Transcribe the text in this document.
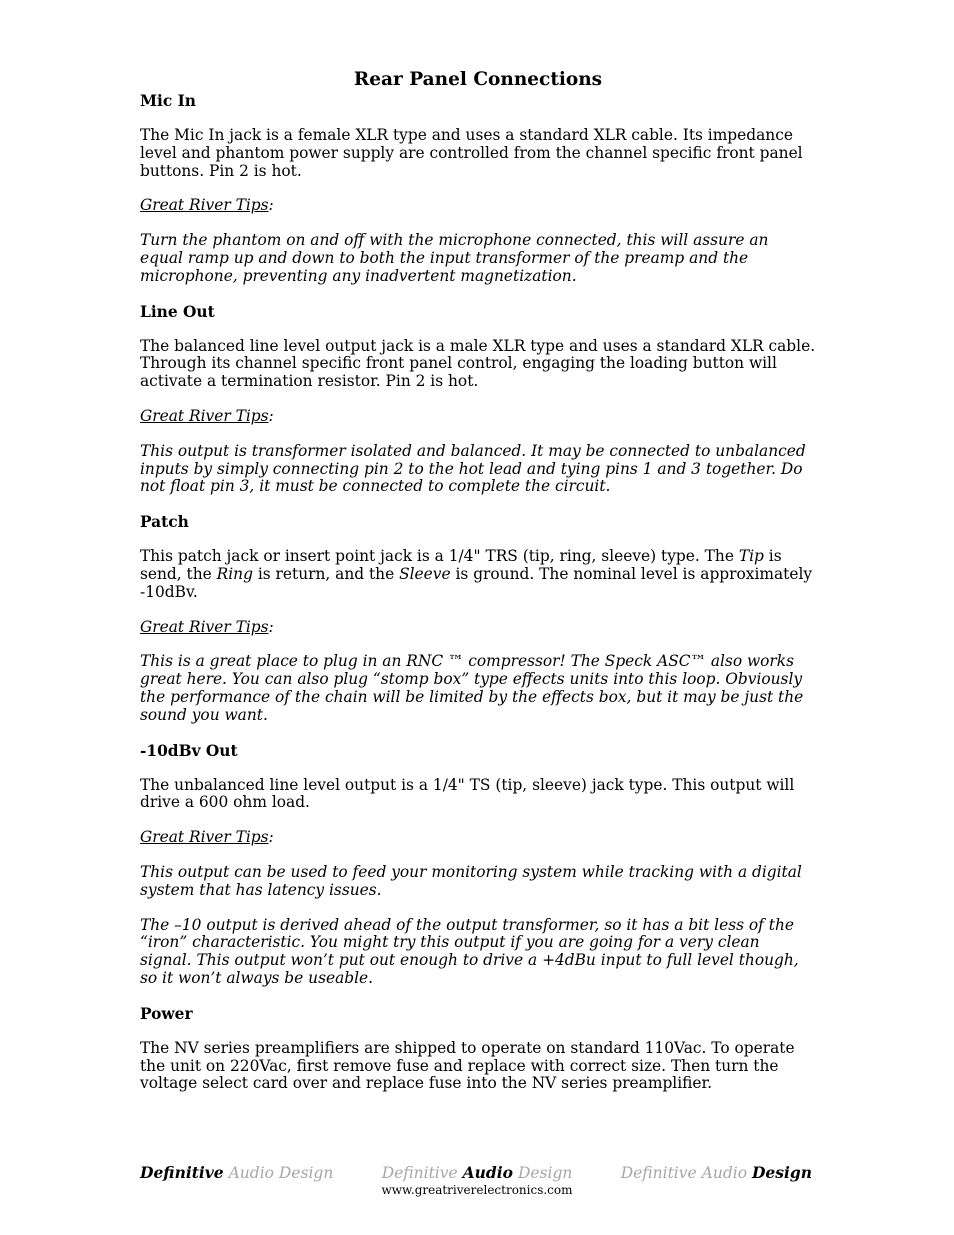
Rear Panel Connections
Mic In

The Mic In jack is a female XLR type and uses a standard XLR cable. Its impedance level and phantom power supply are controlled from the channel specific front panel buttons. Pin 2 is hot.

Great River Tips:

Turn the phantom on and off with the microphone connected, this will assure an equal ramp up and down to both the input transformer of the preamp and the microphone, preventing any inadvertent magnetization.

Line Out

The balanced line level output jack is a male XLR type and uses a standard XLR cable. Through its channel specific front panel control, engaging the loading button will activate a termination resistor. Pin 2 is hot.

Great River Tips:

This output is transformer isolated and balanced. It may be connected to unbalanced inputs by simply connecting pin 2 to the hot lead and tying pins 1 and 3 together. Do not float pin 3, it must be connected to complete the circuit.

Patch

This patch jack or insert point jack is a 1/4" TRS (tip, ring, sleeve) type. The Tip is send, the Ring is return, and the Sleeve is ground. The nominal level is approximately -10dBv.

Great River Tips:

This is a great place to plug in an RNC ™ compressor! The Speck ASC™ also works great here. You can also plug “stomp box” type effects units into this loop. Obviously the performance of the chain will be limited by the effects box, but it may be just the sound you want.

-10dBv Out

The unbalanced line level output is a 1/4" TS (tip, sleeve) jack type. This output will drive a 600 ohm load.

Great River Tips:

This output can be used to feed your monitoring system while tracking with a digital system that has latency issues.

The –10 output is derived ahead of the output transformer, so it has a bit less of the “iron” characteristic. You might try this output if you are going for a very clean signal. This output won’t put out enough to drive a +4dBu input to full level though, so it won’t always be useable.

Power

The NV series preamplifiers are shipped to operate on standard 110Vac. To operate the unit on 220Vac, first remove fuse and replace with correct size. Then turn the voltage select card over and replace fuse into the NV series preamplifier.

Definitive Audio Design	Definitive Audio Design	Definitive Audio Design
www.greatriverelectronics.com
